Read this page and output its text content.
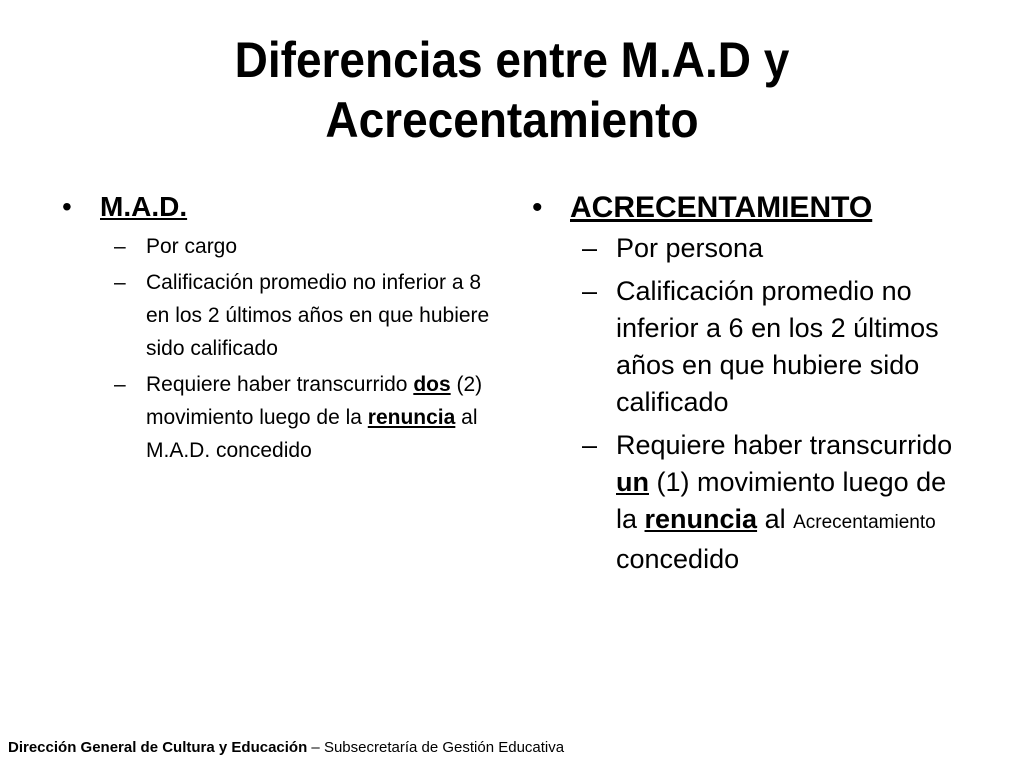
Diferencias entre M.A.D y
Acrecentamiento
•	M.A.D.
– Por cargo
– Calificación promedio no inferior a 8 en los 2 últimos años en que hubiere sido calificado
– Requiere haber transcurrido dos (2) movimiento luego de la renuncia al M.A.D. concedido
• ACRECENTAMIENTO
– Por persona
– Calificación promedio no inferior a 6 en los 2 últimos años en que hubiere sido calificado
– Requiere haber transcurrido un (1) movimiento luego de la renuncia al Acrecentamiento concedido
Dirección General de Cultura y Educación – Subsecretaría de Gestión Educativa
